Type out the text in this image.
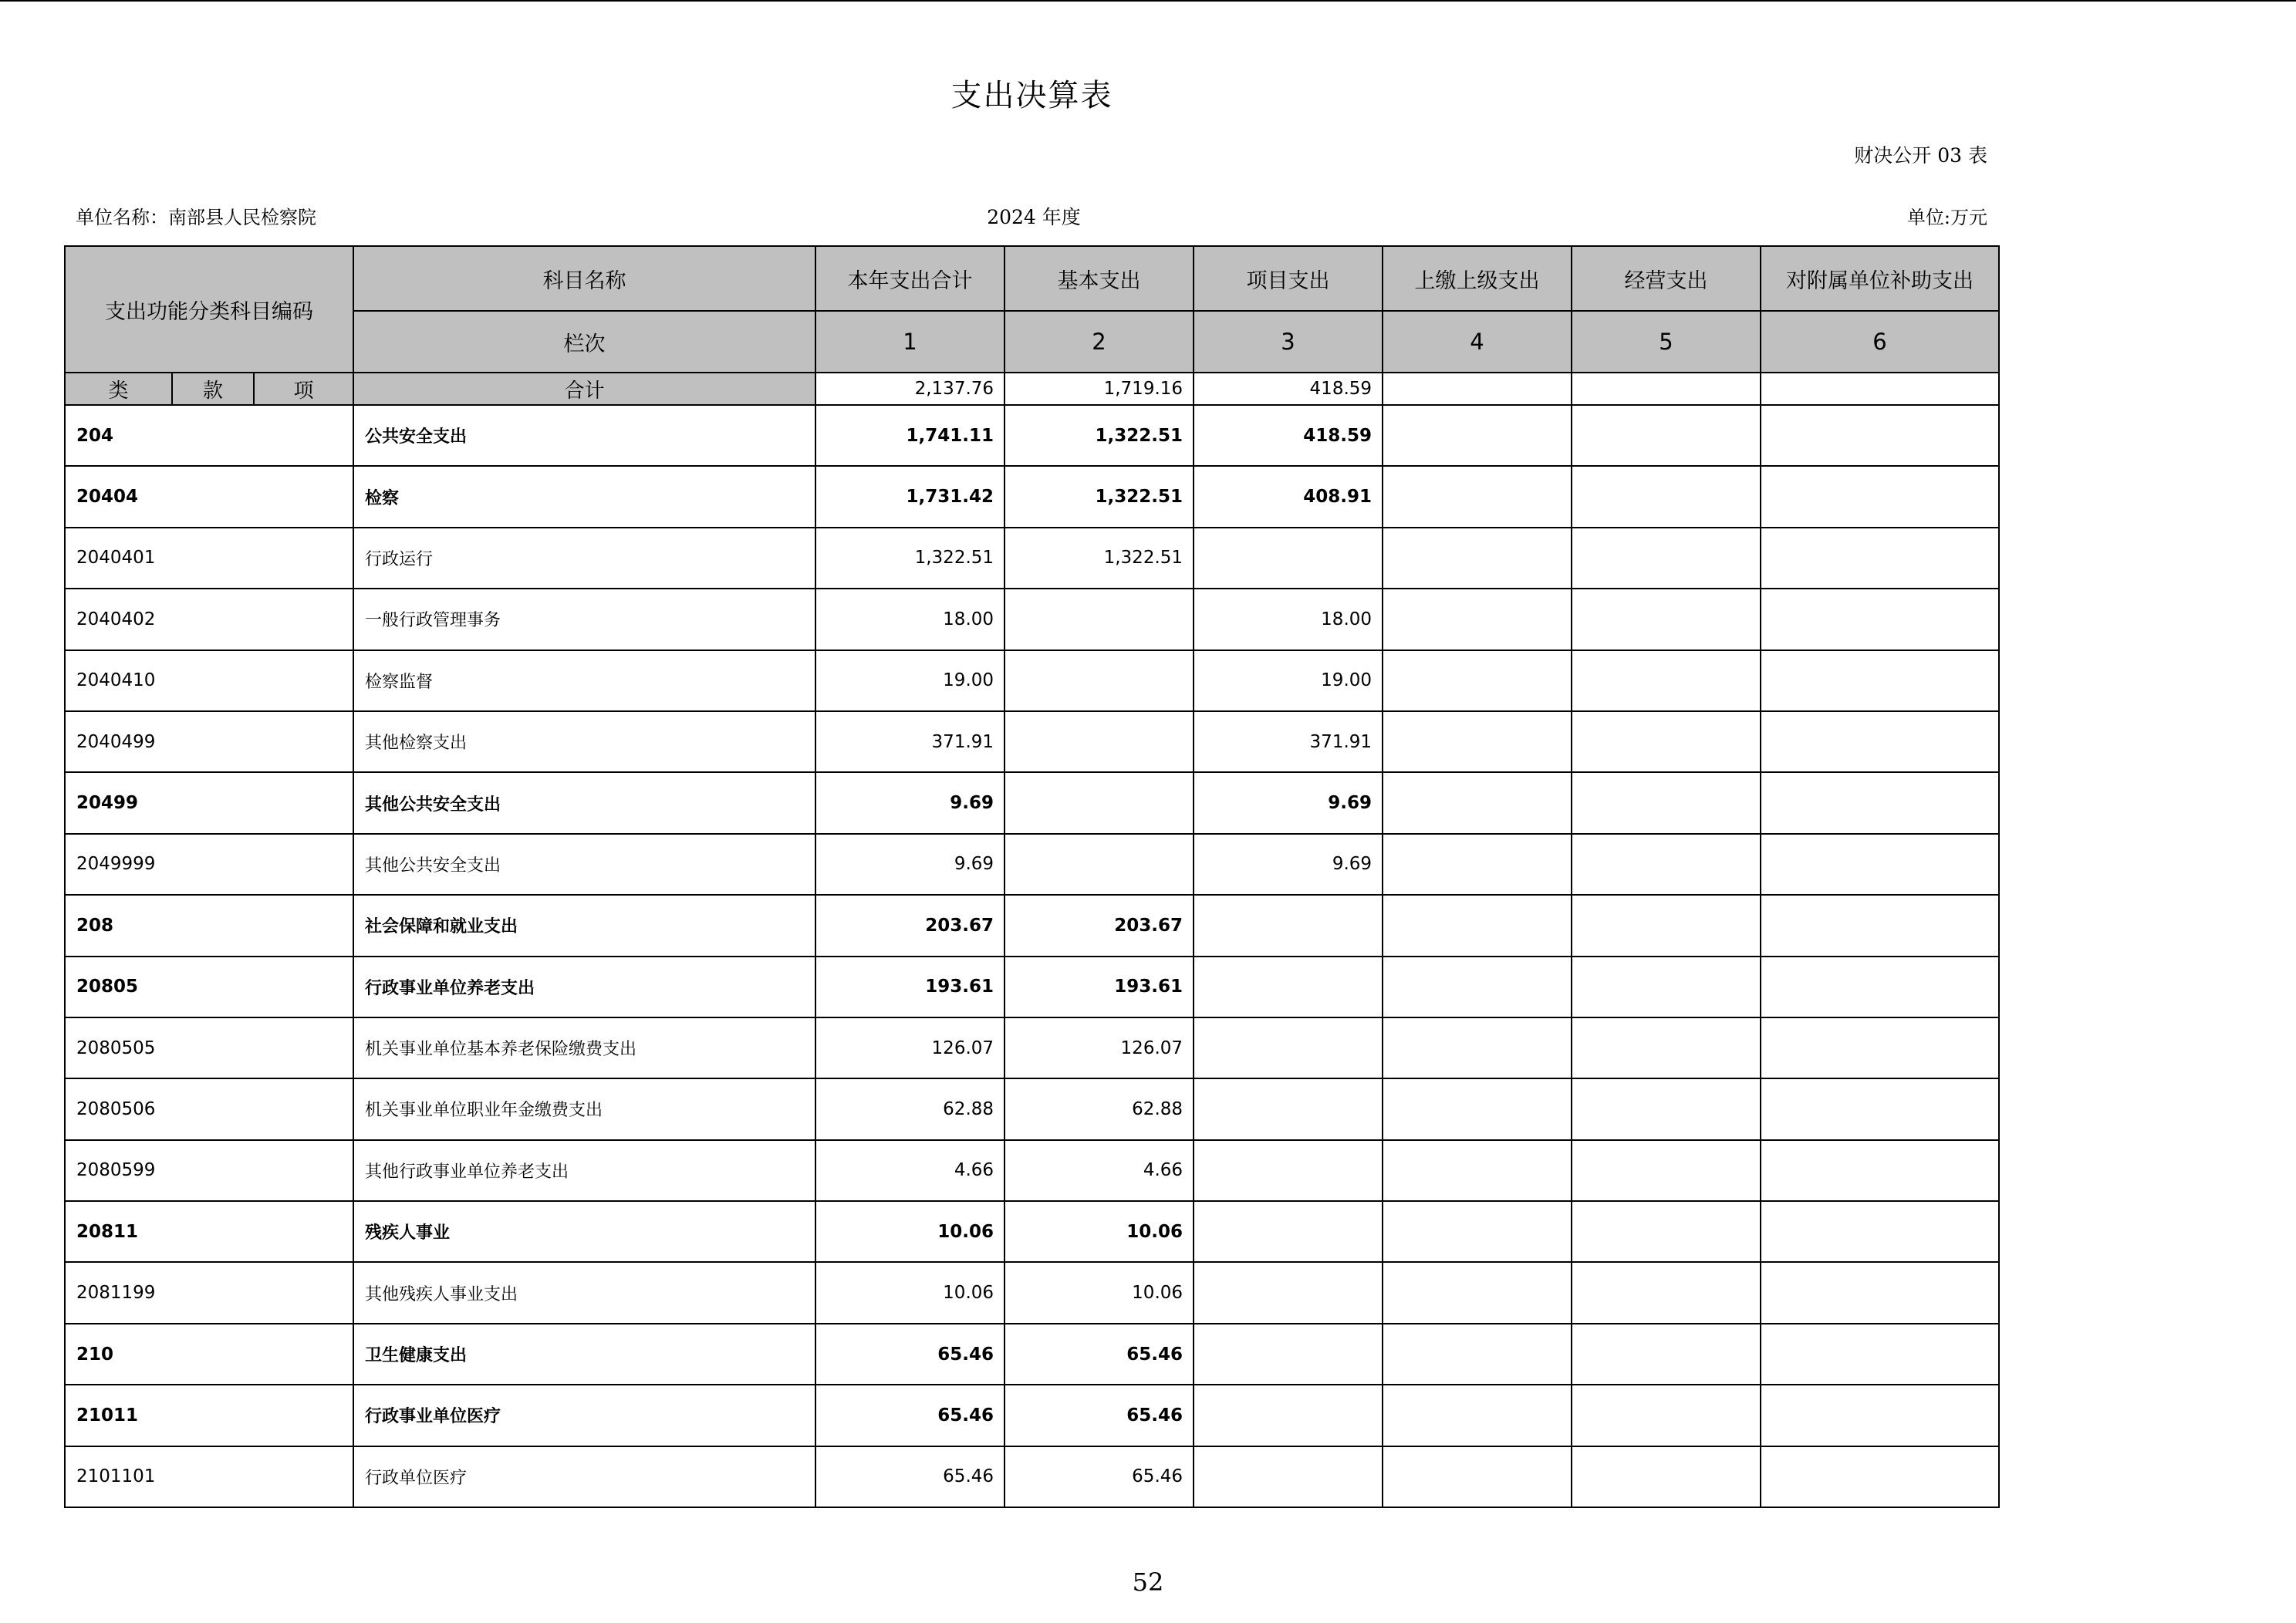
支出决算表
财决公开 03 表
单位名称：南部县人民检察院	2024 年度	单位:万元
支出功能分类科目编码			科目名称	本年支出合计	基本支出	项目支出	上缴上级支出	经营支出	对附属单位补助支出
			栏次	1	2	3	4	5	6
类	款	项	合计	2,137.76	1,719.16	418.59			
204			公共安全支出	1,741.11	1,322.51	418.59			
20404			检察	1,731.42	1,322.51	408.91			
2040401			行政运行	1,322.51	1,322.51				
2040402			一般行政管理事务	18.00		18.00			
2040410			检察监督	19.00		19.00			
2040499			其他检察支出	371.91		371.91			
20499			其他公共安全支出	9.69		9.69			
2049999			其他公共安全支出	9.69		9.69			
208			社会保障和就业支出	203.67	203.67				
20805			行政事业单位养老支出	193.61	193.61				
2080505			机关事业单位基本养老保险缴费支出	126.07	126.07				
2080506			机关事业单位职业年金缴费支出	62.88	62.88				
2080599			其他行政事业单位养老支出	4.66	4.66				
20811			残疾人事业	10.06	10.06				
2081199			其他残疾人事业支出	10.06	10.06				
210			卫生健康支出	65.46	65.46				
21011			行政事业单位医疗	65.46	65.46				
2101101			行政单位医疗	65.46	65.46				
52
